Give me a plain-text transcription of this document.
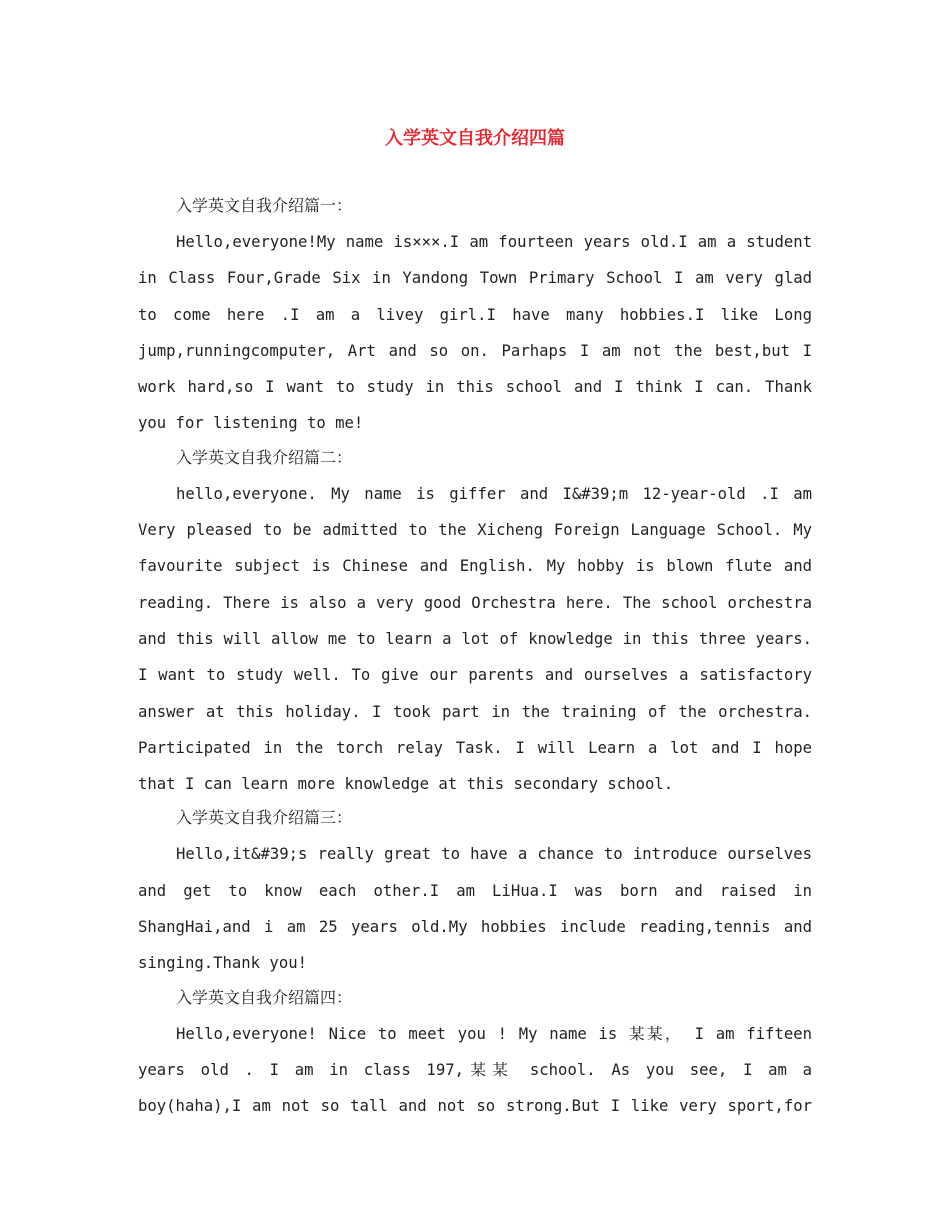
入学英文自我介绍四篇
入学英文自我介绍篇一：

Hello,everyone!My name is×××.I am fourteen years old.I am a student in Class Four,Grade Six in Yandong Town Primary School I am very glad to come here .I am a livey girl.I have many hobbies.I like Long jump,runningcomputer, Art and so on. Parhaps I am not the best,but I work hard,so I want to study in this school and I think I can. Thank you for listening to me!

入学英文自我介绍篇二：

hello,everyone. My name is giffer and I&#39;m 12-year-old .I am Very pleased to be admitted to the Xicheng Foreign Language School. My favourite subject is Chinese and English. My hobby is blown flute and reading. There is also a very good Orchestra here. The school orchestra and this will allow me to learn a lot of knowledge in this three years. I want to study well. To give our parents and ourselves a satisfactory answer at this holiday. I took part in the training of the orchestra. Participated in the torch relay Task. I will Learn a lot and I hope that I can learn more knowledge at this secondary school.

入学英文自我介绍篇三：

Hello,it&#39;s really great to have a chance to introduce ourselves and get to know each other.I am LiHua.I was born and raised in ShangHai,and i am 25 years old.My hobbies include reading,tennis and singing.Thank you!

入学英文自我介绍篇四：

Hello,everyone! Nice to meet you ! My name is 某某， I am fifteen years old . I am in class 197,某某 school. As you see, I am a boy(haha),I am not so tall and not so strong.But I like very sport,for
